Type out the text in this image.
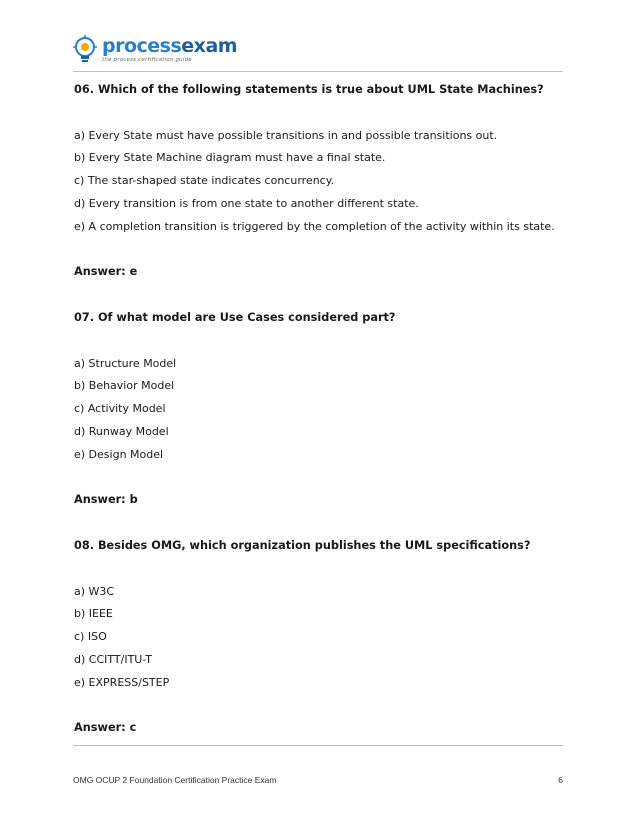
processexam
the process certification guide
06. Which of the following statements is true about UML State Machines?
a) Every State must have possible transitions in and possible transitions out.
b) Every State Machine diagram must have a final state.
c) The star-shaped state indicates concurrency.
d) Every transition is from one state to another different state.
e) A completion transition is triggered by the completion of the activity within its state.
Answer: e
07. Of what model are Use Cases considered part?
a) Structure Model
b) Behavior Model
c) Activity Model
d) Runway Model
e) Design Model
Answer: b
08. Besides OMG, which organization publishes the UML specifications?
a) W3C
b) IEEE
c) ISO
d) CCITT/ITU-T
e) EXPRESS/STEP
Answer: c
OMG OCUP 2 Foundation Certification Practice Exam	6
